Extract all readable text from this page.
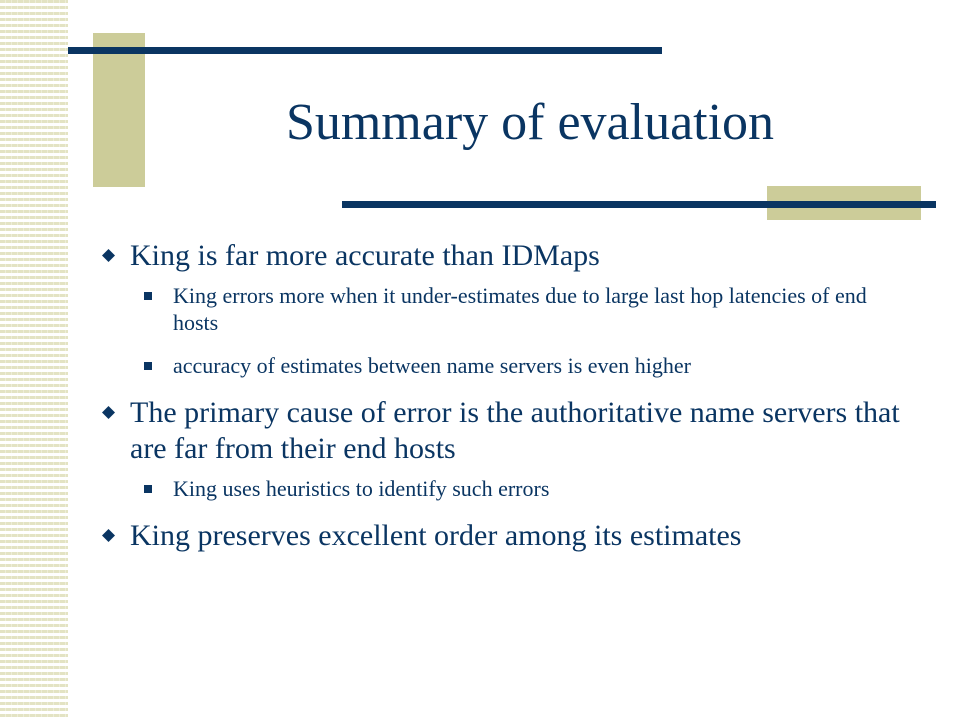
Summary of evaluation
King is far more accurate than IDMaps
King errors more when it under-estimates due to large last hop latencies of end hosts
accuracy of estimates between name servers is even higher
The primary cause of error is the authoritative name servers that are far from their end hosts
King uses heuristics to identify such errors
King preserves excellent order among its estimates
